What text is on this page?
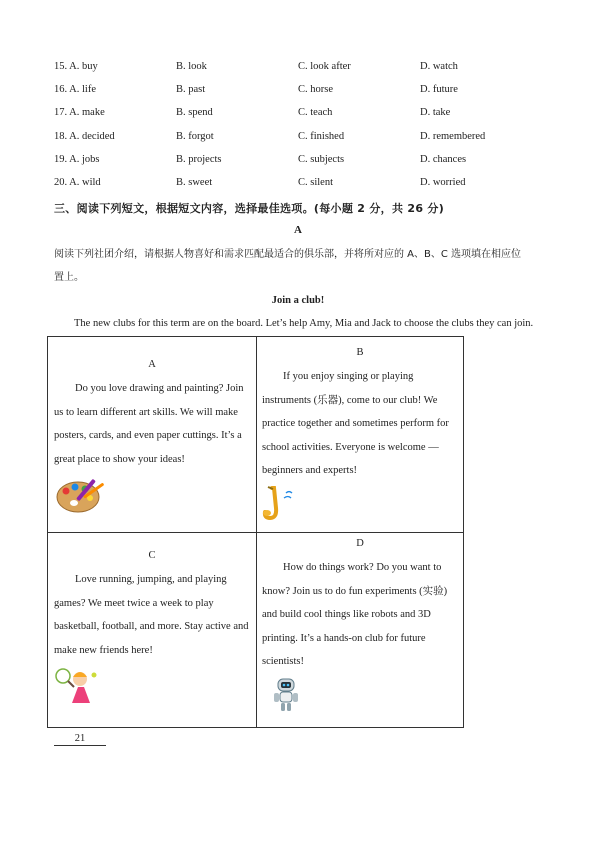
15. A. buy	B. look	C. look after	D. watch
16. A. life	B. past	C. horse	D. future
17. A. make	B. spend	C. teach	D. take
18. A. decided	B. forgot	C. finished	D. remembered
19. A. jobs	B. projects	C. subjects	D. chances
20. A. wild	B. sweet	C. silent	D. worried
三、阅读下列短文，根据短文内容，选择最佳选项。(每小题 2 分，共 26 分)
A
阅读下列社团介绍，请根据人物喜好和需求匹配最适合的俱乐部，并将所对应的 A、B、C 选项填在相应位
置上。
Join a club!
The new clubs for this term are on the board. Let’s help Amy, Mia and Jack to choose the clubs they can join.
A
Do you love drawing and painting? Join
us to learn different art skills. We will make
posters, cards, and even paper cuttings. It’s a
great place to show your ideas!
B
If you enjoy singing or playing
instruments (乐器), come to our club! We
practice together and sometimes perform for
school activities. Everyone is welcome —
beginners and experts!
C
Love running, jumping, and playing
games? We meet twice a week to play
basketball, football, and more. Stay active and
make new friends here!
D
How do things work? Do you want to
know? Join us to do fun experiments (实验)
and build cool things like robots and 3D
printing. It’s a hands-on club for future
scientists!
21
